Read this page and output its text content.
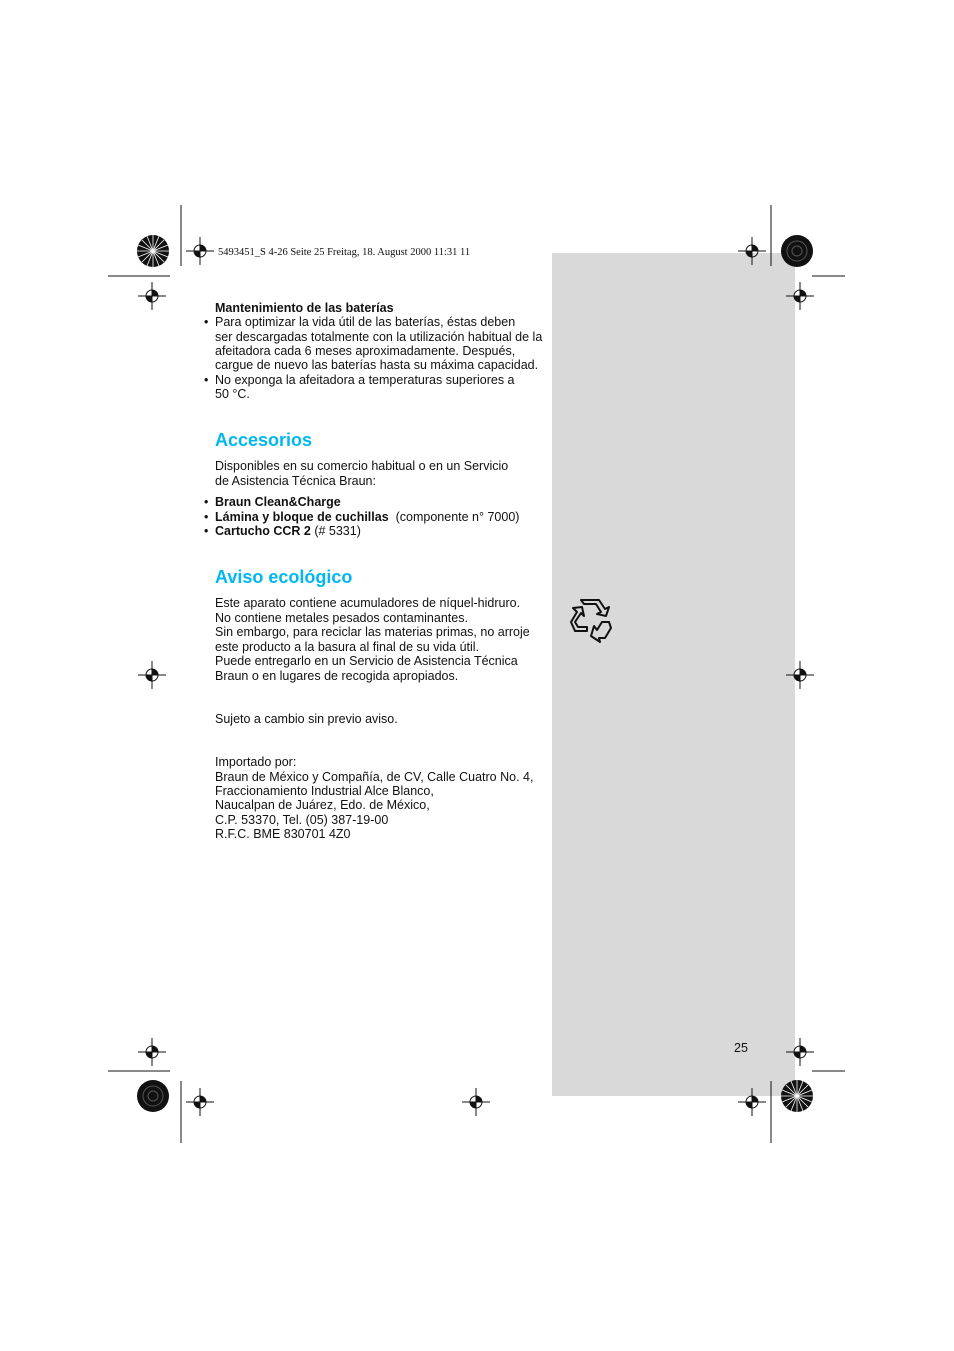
5493451_S 4-26 Seite 25 Freitag, 18. August 2000 11:31 11
Mantenimiento de las baterías
• Para optimizar la vida útil de las baterías, éstas deben
ser descargadas totalmente con la utilización habitual de la
afeitadora cada 6 meses aproximadamente. Después,
cargue de nuevo las baterías hasta su máxima capacidad.
• No exponga la afeitadora a temperaturas superiores a
50 °C.
Accesorios
Disponibles en su comercio habitual o en un Servicio
de Asistencia Técnica Braun:
• Braun Clean&Charge
• Lámina y bloque de cuchillas  (componente n° 7000)
• Cartucho CCR 2 (# 5331)
Aviso ecológico
Este aparato contiene acumuladores de níquel-hidruro.
No contiene metales pesados contaminantes.
Sin embargo, para reciclar las materias primas, no arroje
este producto a la basura al final de su vida útil.
Puede entregarlo en un Servicio de Asistencia Técnica
Braun o en lugares de recogida apropiados.
Sujeto a cambio sin previo aviso.
Importado por:
Braun de México y Compañía, de CV, Calle Cuatro No. 4,
Fraccionamiento Industrial Alce Blanco,
Naucalpan de Juárez, Edo. de México,
C.P. 53370, Tel. (05) 387-19-00
R.F.C. BME 830701 4Z0
25
